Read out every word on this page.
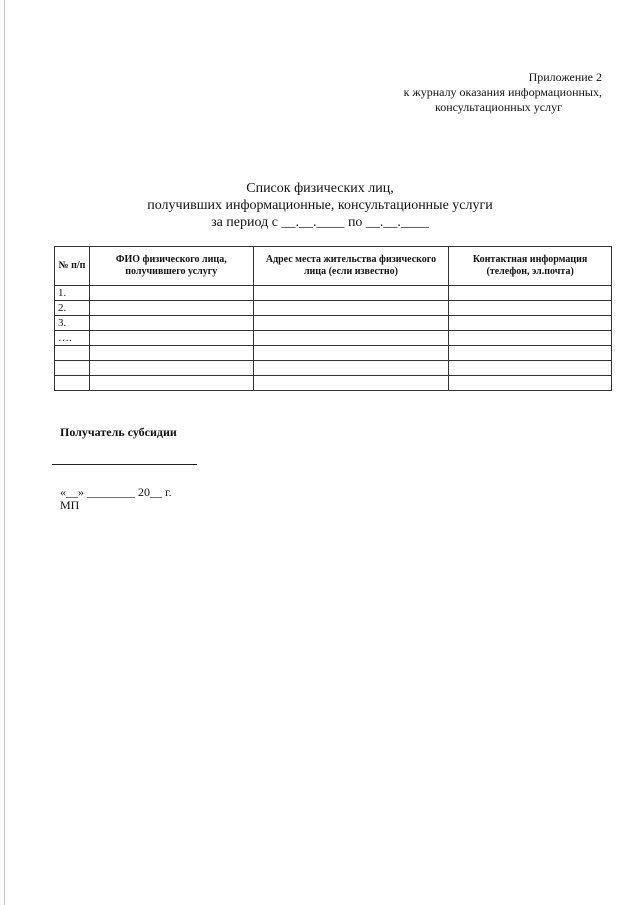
Приложение 2
к журналу оказания информационных,
консультационных услуг
Список физических лиц,
получивших информационные, консультационные услуги
за период с __.__.____ по __.__.____
№ п/п	ФИО физического лица, получившего услугу	Адрес места жительства физического лица (если известно)	Контактная информация (телефон, эл.почта)
1.			
2.			
3.			
….			

Получатель субсидии
«__» ________ 20__ г.
МП
